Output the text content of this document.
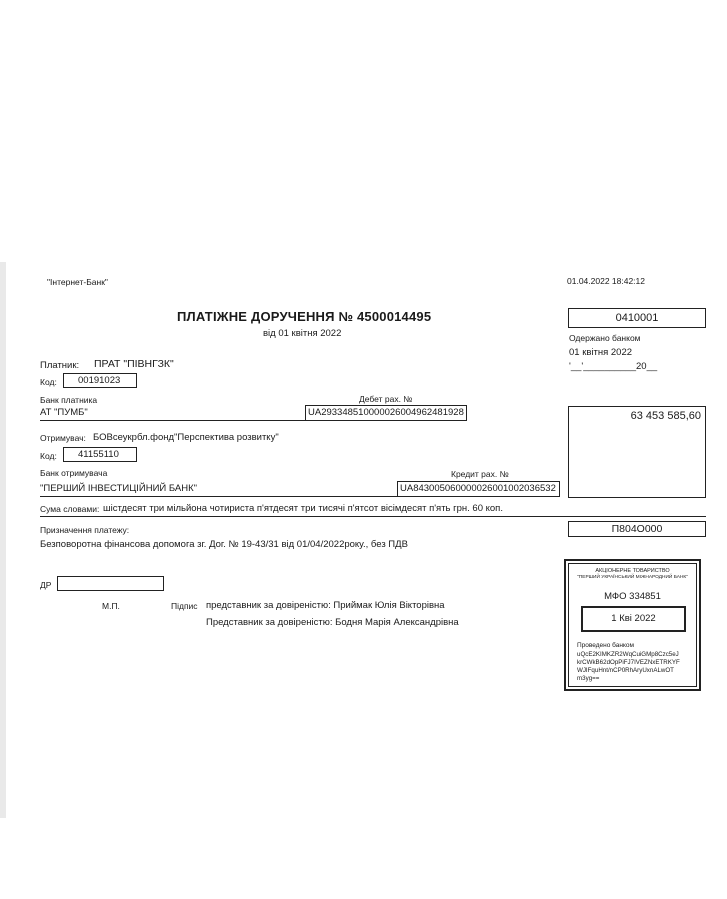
"Інтернет-Банк"	01.04.2022 18:42:12
ПЛАТІЖНЕ ДОРУЧЕННЯ № 4500014495
від 01 квітня 2022
0410001
Одержано банком
01 квітня 2022
'__'__________20__
Платник: ПРАТ "ПІВНГЗК"
Код: 00191023
Банк платника	Дебет рах. №
АТ "ПУМБ"	UA293348510000026004962481928	63 453 585,60
Отримувач: БОВсеукрбл.фонд"Перспектива розвитку"
Код: 41155110
Банк отримувача	Кредит рах. №
"ПЕРШИЙ ІНВЕСТИЦІЙНИЙ БАНК"	UA843005060000026001002036532
Сума словами: шістдесят три мільйона чотириста п'ятдесят три тисячі п'ятсот вісімдесят п'ять грн. 60 коп.
Призначення платежу:	П804О000
Безповоротна фінансова допомога зг. Дог. № 19-43/31 від 01/04/2022року., без ПДВ
ДР
М.П.	Підпис представник за довіреністю: Приймак Юлія Вікторівна
Представник за довіреністю: Бодня Марія Александрівна
АКЦІОНЕРНЕ ТОВАРИСТВО
"ПЕРШИЙ УКРАЇНСЬКИЙ МІЖНАРОДНИЙ БАНК"
МФО 334851
1 Кві 2022
Проведено банком
uQcE2KIMKZR2WqCuiGMp8Czc5eJ
krCWkB62dOpPiFJ7IVEZNxETRKYF
WJIFquHnt/nCP0RhAryUxnALwOT
m3yg==
